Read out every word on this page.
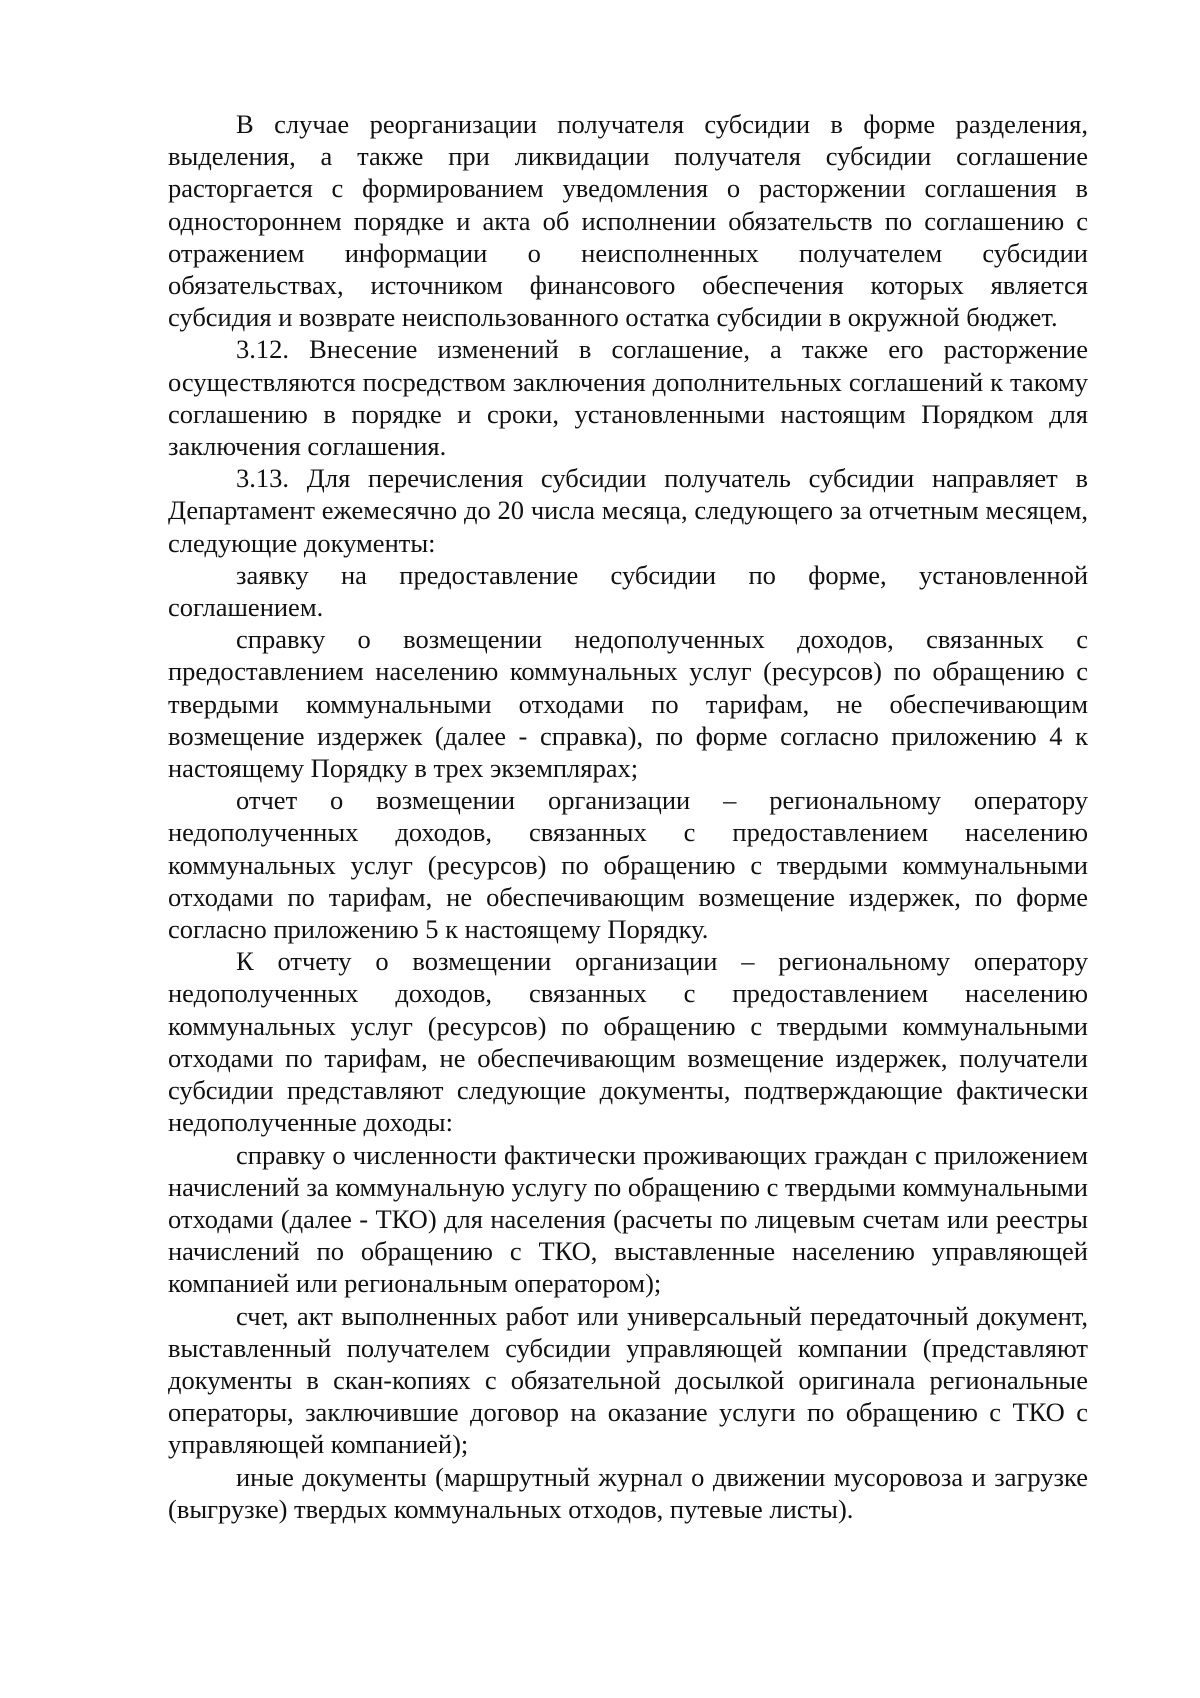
В случае реорганизации получателя субсидии в форме разделения, выделения, а также при ликвидации получателя субсидии соглашение расторгается с формированием уведомления о расторжении соглашения в одностороннем порядке и акта об исполнении обязательств по соглашению с отражением информации о неисполненных получателем субсидии обязательствах, источником финансового обеспечения которых является субсидия и возврате неиспользованного остатка субсидии в окружной бюджет.

3.12. Внесение изменений в соглашение, а также его расторжение осуществляются посредством заключения дополнительных соглашений к такому соглашению в порядке и сроки, установленными настоящим Порядком для заключения соглашения.

3.13. Для перечисления субсидии получатель субсидии направляет в Департамент ежемесячно до 20 числа месяца, следующего за отчетным месяцем, следующие документы:

заявку на предоставление субсидии по форме, установленной соглашением.

справку о возмещении недополученных доходов, связанных с предоставлением населению коммунальных услуг (ресурсов) по обращению с твердыми коммунальными отходами по тарифам, не обеспечивающим возмещение издержек (далее - справка), по форме согласно приложению 4 к настоящему Порядку в трех экземплярах;

отчет о возмещении организации – региональному оператору недополученных доходов, связанных с предоставлением населению коммунальных услуг (ресурсов) по обращению с твердыми коммунальными отходами по тарифам, не обеспечивающим возмещение издержек, по форме согласно приложению 5 к настоящему Порядку.

К отчету о возмещении организации – региональному оператору недополученных доходов, связанных с предоставлением населению коммунальных услуг (ресурсов) по обращению с твердыми коммунальными отходами по тарифам, не обеспечивающим возмещение издержек, получатели субсидии представляют следующие документы, подтверждающие фактически недополученные доходы:

справку о численности фактически проживающих граждан с приложением начислений за коммунальную услугу по обращению с твердыми коммунальными отходами (далее - ТКО) для населения (расчеты по лицевым счетам или реестры начислений по обращению с ТКО, выставленные населению управляющей компанией или региональным оператором);

счет, акт выполненных работ или универсальный передаточный документ, выставленный получателем субсидии управляющей компании (представляют документы в скан-копиях с обязательной досылкой оригинала региональные операторы, заключившие договор на оказание услуги по обращению с ТКО с управляющей компанией);

иные документы (маршрутный журнал о движении мусоровоза и загрузке (выгрузке) твердых коммунальных отходов, путевые листы).
